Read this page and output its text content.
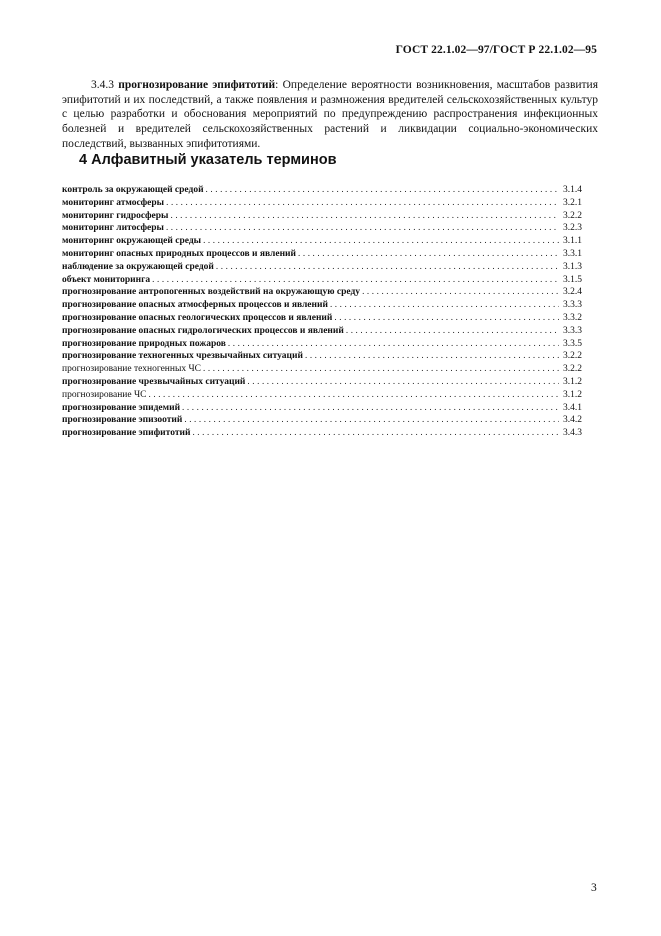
ГОСТ 22.1.02—97/ГОСТ Р 22.1.02—95

3.4.3 прогнозирование эпифитотий: Определение вероятности возникновения, масштабов развития эпифитотий и их последствий, а также появления и размножения вредителей сельскохозяйственных культур с целью разработки и обоснования мероприятий по предупреждению распространения инфекционных болезней и вредителей сельскохозяйственных растений и ликвидации социально-экономических последствий, вызванных эпифитотиями.

4 Алфавитный указатель терминов
контроль за окружающей средой .....	3.1.4
мониторинг атмосферы .....	3.2.1
мониторинг гидросферы .....	3.2.2
мониторинг литосферы .....	3.2.3
мониторинг окружающей среды .....	3.1.1
мониторинг опасных природных процессов и явлений .....	3.3.1
наблюдение за окружающей средой .....	3.1.3
объект мониторинга .....	3.1.5
прогнозирование антропогенных воздействий на окружающую среду .....	3.2.4
прогнозирование опасных атмосферных процессов и явлений .....	3.3.3
прогнозирование опасных геологических процессов и явлений .....	3.3.2
прогнозирование опасных гидрологических процессов и явлений .....	3.3.3
прогнозирование природных пожаров .....	3.3.5
прогнозирование техногенных чрезвычайных ситуаций .....	3.2.2
прогнозирование техногенных ЧС .....	3.2.2
прогнозирование чрезвычайных ситуаций .....	3.1.2
прогнозирование ЧС .....	3.1.2
прогнозирование эпидемий .....	3.4.1
прогнозирование эпизоотий .....	3.4.2
прогнозирование эпифитотий .....	3.4.3
3
